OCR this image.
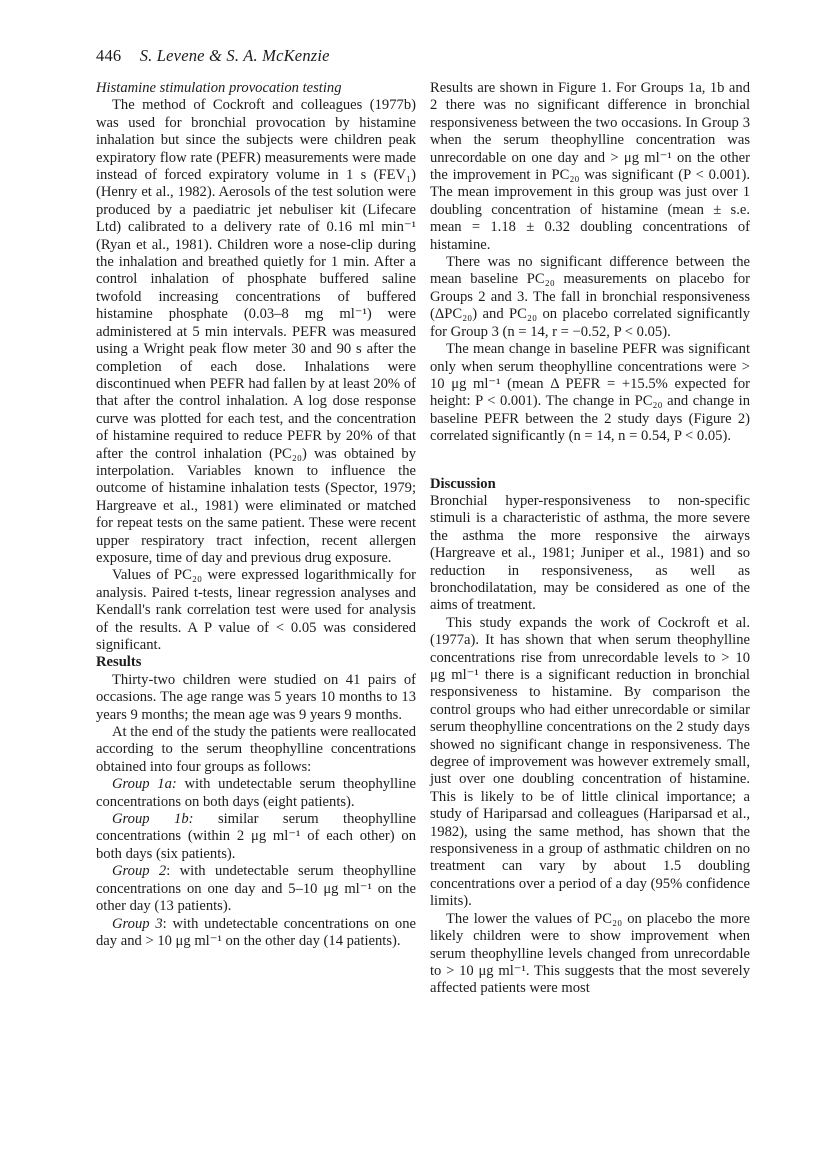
446 S. Levene & S. A. McKenzie

Histamine stimulation provocation testing

The method of Cockroft and colleagues (1977b) was used for bronchial provocation by histamine inhalation but since the subjects were children peak expiratory flow rate (PEFR) measurements were made instead of forced expiratory volume in 1 s (FEV₁) (Henry et al., 1982). Aerosols of the test solution were produced by a paediatric jet nebuliser kit (Lifecare Ltd) calibrated to a delivery rate of 0.16 ml min⁻¹ (Ryan et al., 1981). Children wore a nose-clip during the inhalation and breathed quietly for 1 min. After a control inhalation of phosphate buffered saline twofold increasing concentrations of buffered histamine phosphate (0.03–8 mg ml⁻¹) were administered at 5 min intervals. PEFR was measured using a Wright peak flow meter 30 and 90 s after the completion of each dose. Inhalations were discontinued when PEFR had fallen by at least 20% of that after the control inhalation. A log dose response curve was plotted for each test, and the concentration of histamine required to reduce PEFR by 20% of that after the control inhalation (PC₂₀) was obtained by interpolation. Variables known to influence the outcome of histamine inhalation tests (Spector, 1979; Hargreave et al., 1981) were eliminated or matched for repeat tests on the same patient. These were recent upper respiratory tract infection, recent allergen exposure, time of day and previous drug exposure.

Values of PC₂₀ were expressed logarithmically for analysis. Paired t-tests, linear regression analyses and Kendall's rank correlation test were used for analysis of the results. A P value of < 0.05 was considered significant.

Results

Thirty-two children were studied on 41 pairs of occasions. The age range was 5 years 10 months to 13 years 9 months; the mean age was 9 years 9 months.

At the end of the study the patients were reallocated according to the serum theophylline concentrations obtained into four groups as follows:

Group 1a: with undetectable serum theophylline concentrations on both days (eight patients).

Group 1b: similar serum theophylline concentrations (within 2 μg ml⁻¹ of each other) on both days (six patients).

Group 2: with undetectable serum theophylline concentrations on one day and 5–10 μg ml⁻¹ on the other day (13 patients).

Group 3: with undetectable concentrations on one day and > 10 μg ml⁻¹ on the other day (14 patients).

Results are shown in Figure 1. For Groups 1a, 1b and 2 there was no significant difference in bronchial responsiveness between the two occasions. In Group 3 when the serum theophylline concentration was unrecordable on one day and > μg ml⁻¹ on the other the improvement in PC₂₀ was significant (P < 0.001). The mean improvement in this group was just over 1 doubling concentration of histamine (mean ± s.e. mean = 1.18 ± 0.32 doubling concentrations of histamine.

There was no significant difference between the mean baseline PC₂₀ measurements on placebo for Groups 2 and 3. The fall in bronchial responsiveness (ΔPC₂₀) and PC₂₀ on placebo correlated significantly for Group 3 (n = 14, r = −0.52, P < 0.05).

The mean change in baseline PEFR was significant only when serum theophylline concentrations were > 10 μg ml⁻¹ (mean Δ PEFR = +15.5% expected for height: P < 0.001). The change in PC₂₀ and change in baseline PEFR between the 2 study days (Figure 2) correlated significantly (n = 14, n = 0.54, P < 0.05).

Discussion

Bronchial hyper-responsiveness to non-specific stimuli is a characteristic of asthma, the more severe the asthma the more responsive the airways (Hargreave et al., 1981; Juniper et al., 1981) and so reduction in responsiveness, as well as bronchodilatation, may be considered as one of the aims of treatment.

This study expands the work of Cockroft et al. (1977a). It has shown that when serum theophylline concentrations rise from unrecordable levels to > 10 μg ml⁻¹ there is a significant reduction in bronchial responsiveness to histamine. By comparison the control groups who had either unrecordable or similar serum theophylline concentrations on the 2 study days showed no significant change in responsiveness. The degree of improvement was however extremely small, just over one doubling concentration of histamine. This is likely to be of little clinical importance; a study of Hariparsad and colleagues (Hariparsad et al., 1982), using the same method, has shown that the responsiveness in a group of asthmatic children on no treatment can vary by about 1.5 doubling concentrations over a period of a day (95% confidence limits).

The lower the values of PC₂₀ on placebo the more likely children were to show improvement when serum theophylline levels changed from unrecordable to > 10 μg ml⁻¹. This suggests that the most severely affected patients were most
